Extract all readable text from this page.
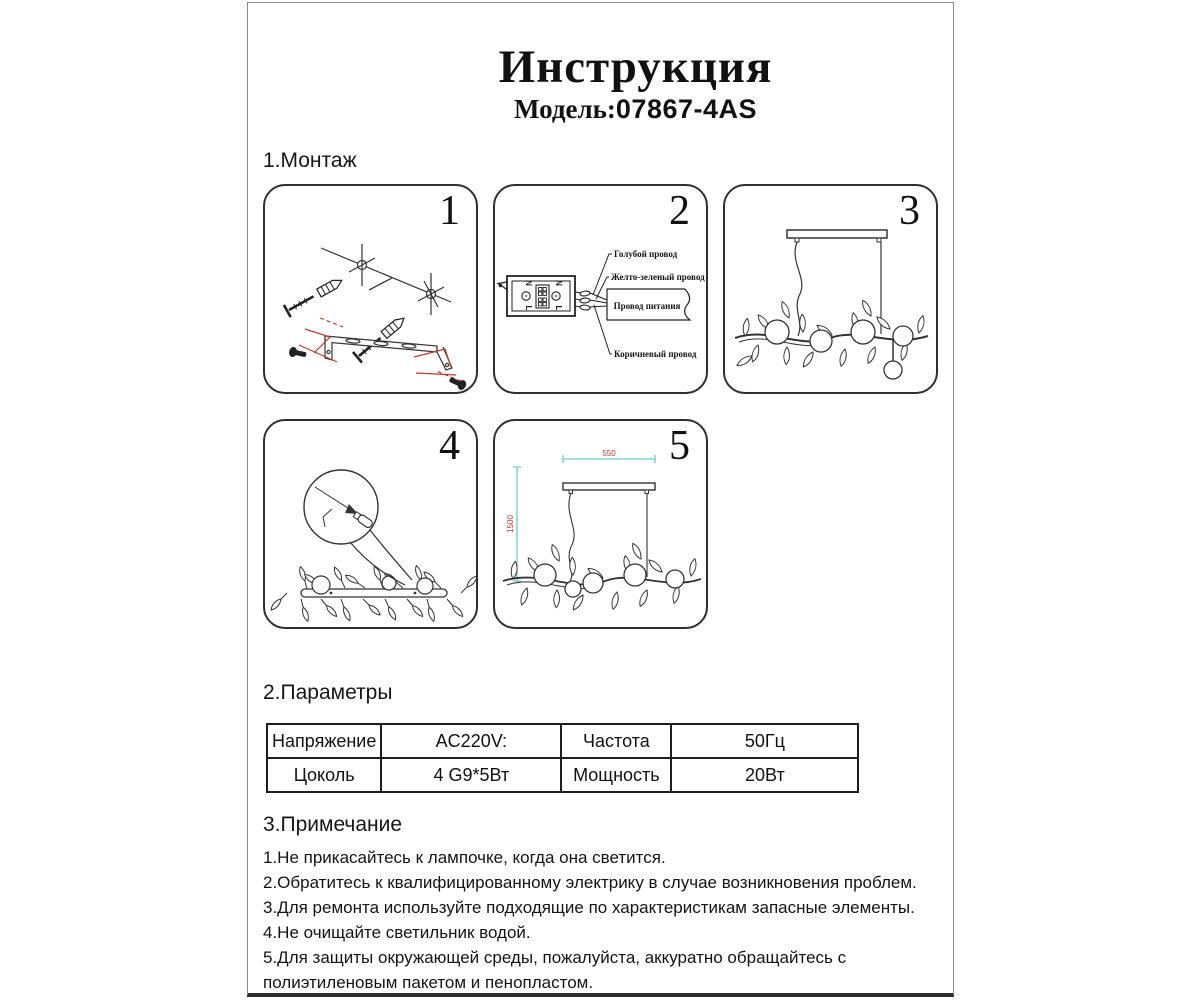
Инструкция
Модель:07867-4AS
1.Монтаж
1
N
L
N
L
Голубой провод
Желто-зеленый провод
Провод питания
Коричневый провод
2	3
4	550
1500
5
2.Параметры
Напряжение	AC220V:	Частота	50Гц
Цоколь	4 G9*5Вт	Мощность	20Вт
3.Примечание
1.Не прикасайтесь к лампочке, когда она светится.
2.Обратитесь к квалифицированному электрику в случае возникновения проблем.
3.Для ремонта используйте подходящие по характеристикам запасные элементы.
4.Не очищайте светильник водой.
5.Для защиты окружающей среды, пожалуйста, аккуратно обращайтесь с полиэтиленовым пакетом и пенопластом.
